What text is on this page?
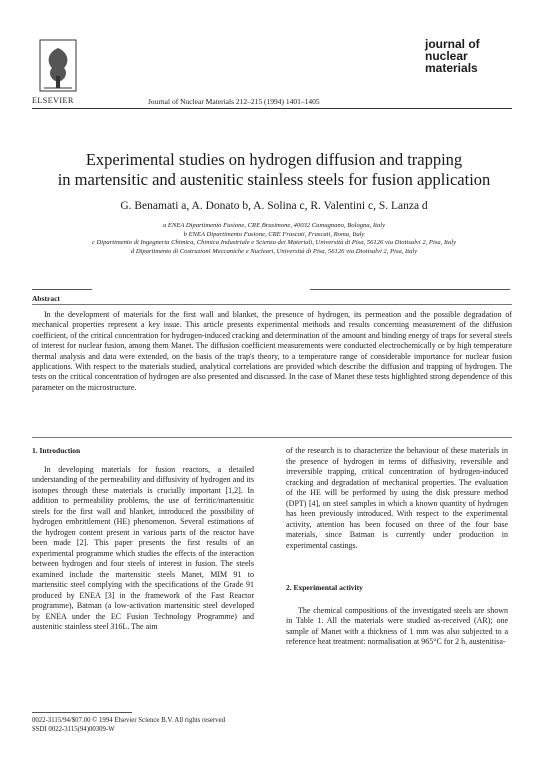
ELSEVIER	Journal of Nuclear Materials 212–215 (1994) 1401–1405
journal of
nuclear
materials
Experimental studies on hydrogen diffusion and trapping
in martensitic and austenitic stainless steels for fusion application
G. Benamati a, A. Donato b, A. Solina c, R. Valentini c, S. Lanza d
a ENEA Dipartimento Fusione, CRE Brasimone, 40032 Camugnano, Bologna, Italy
b ENEA Dipartimento Fusione, CRE Frascati, Frascati, Roma, Italy
c Dipartimento di Ingegneria Chimica, Chimica Industriale e Scienza dei Materiali, Università di Pisa, 56126 via Diotisalvi 2, Pisa, Italy
d Dipartimento di Costruzioni Meccaniche e Nucleari, Università di Pisa, 56126 via Diotisalvi 2, Pisa, Italy
Abstract
In the development of materials for the first wall and blanket, the presence of hydrogen, its permeation and the possible degradation of mechanical properties represent a key issue. This article presents experimental methods and results concerning measurement of the diffusion coefficient, of the critical concentration for hydrogen-induced cracking and determination of the amount and binding energy of traps for several steels of interest for nuclear fusion, among them Manet. The diffusion coefficient measurements were conducted electrochemically or by high temperature thermal analysis and data were extended, on the basis of the trap's theory, to a temperature range of considerable importance for nuclear fusion applications. With respect to the materials studied, analytical correlations are provided which describe the diffusion and trapping of hydrogen. The tests on the critical concentration of hydrogen are also presented and discussed. In the case of Manet these tests highlighted strong dependence of this parameter on the microstructure.
1. Introduction

In developing materials for fusion reactors, a detailed understanding of the permeability and diffusivity of hydrogen and its isotopes through these materials is crucially important [1,2]. In addition to permeability problems, the use of ferritic/martensitic steels for the first wall and blanket, introduced the possibility of hydrogen embrittlement (HE) phenomenon. Several estimations of the hydrogen content present in various parts of the reactor have been made [2]. This paper presents the first results of an experimental programme which studies the effects of the interaction between hydrogen and four steels of interest in fusion. The steels examined include the martensitic steels Manet, MIM 91 to martensitic steel complying with the specifications of the Grade 91 produced by ENEA [3] in the framework of the Fast Reactor programme), Batman (a low-activation martensitic steel developed by ENEA under the EC Fusion Technology Programme) and austenitic stainless steel 316L. The aim

of the research is to characterize the behaviour of these materials in the presence of hydrogen in terms of diffusivity, reversible and irreversible trapping, critical concentration of hydrogen-induced cracking and degradation of mechanical properties. The evaluation of the HE will be performed by using the disk pressure method (DPT) [4], on steel samples in which a known quantity of hydrogen has been previously introduced. With respect to the experimental activity, attention has been focused on three of the four base materials, since Batman is currently under production in experimental castings.

2. Experimental activity

The chemical compositions of the investigated steels are shown in Table 1. All the materials were studied as-received (AR); one sample of Manet with a thickness of 1 mm was also subjected to a reference heat treatment: normalisation at 965°C for 2 h, austenitisa-

0022-3115/94/$07.00 © 1994 Elsevier Science B.V. All rights reserved
SSDI 0022-3115(94)00309-W
